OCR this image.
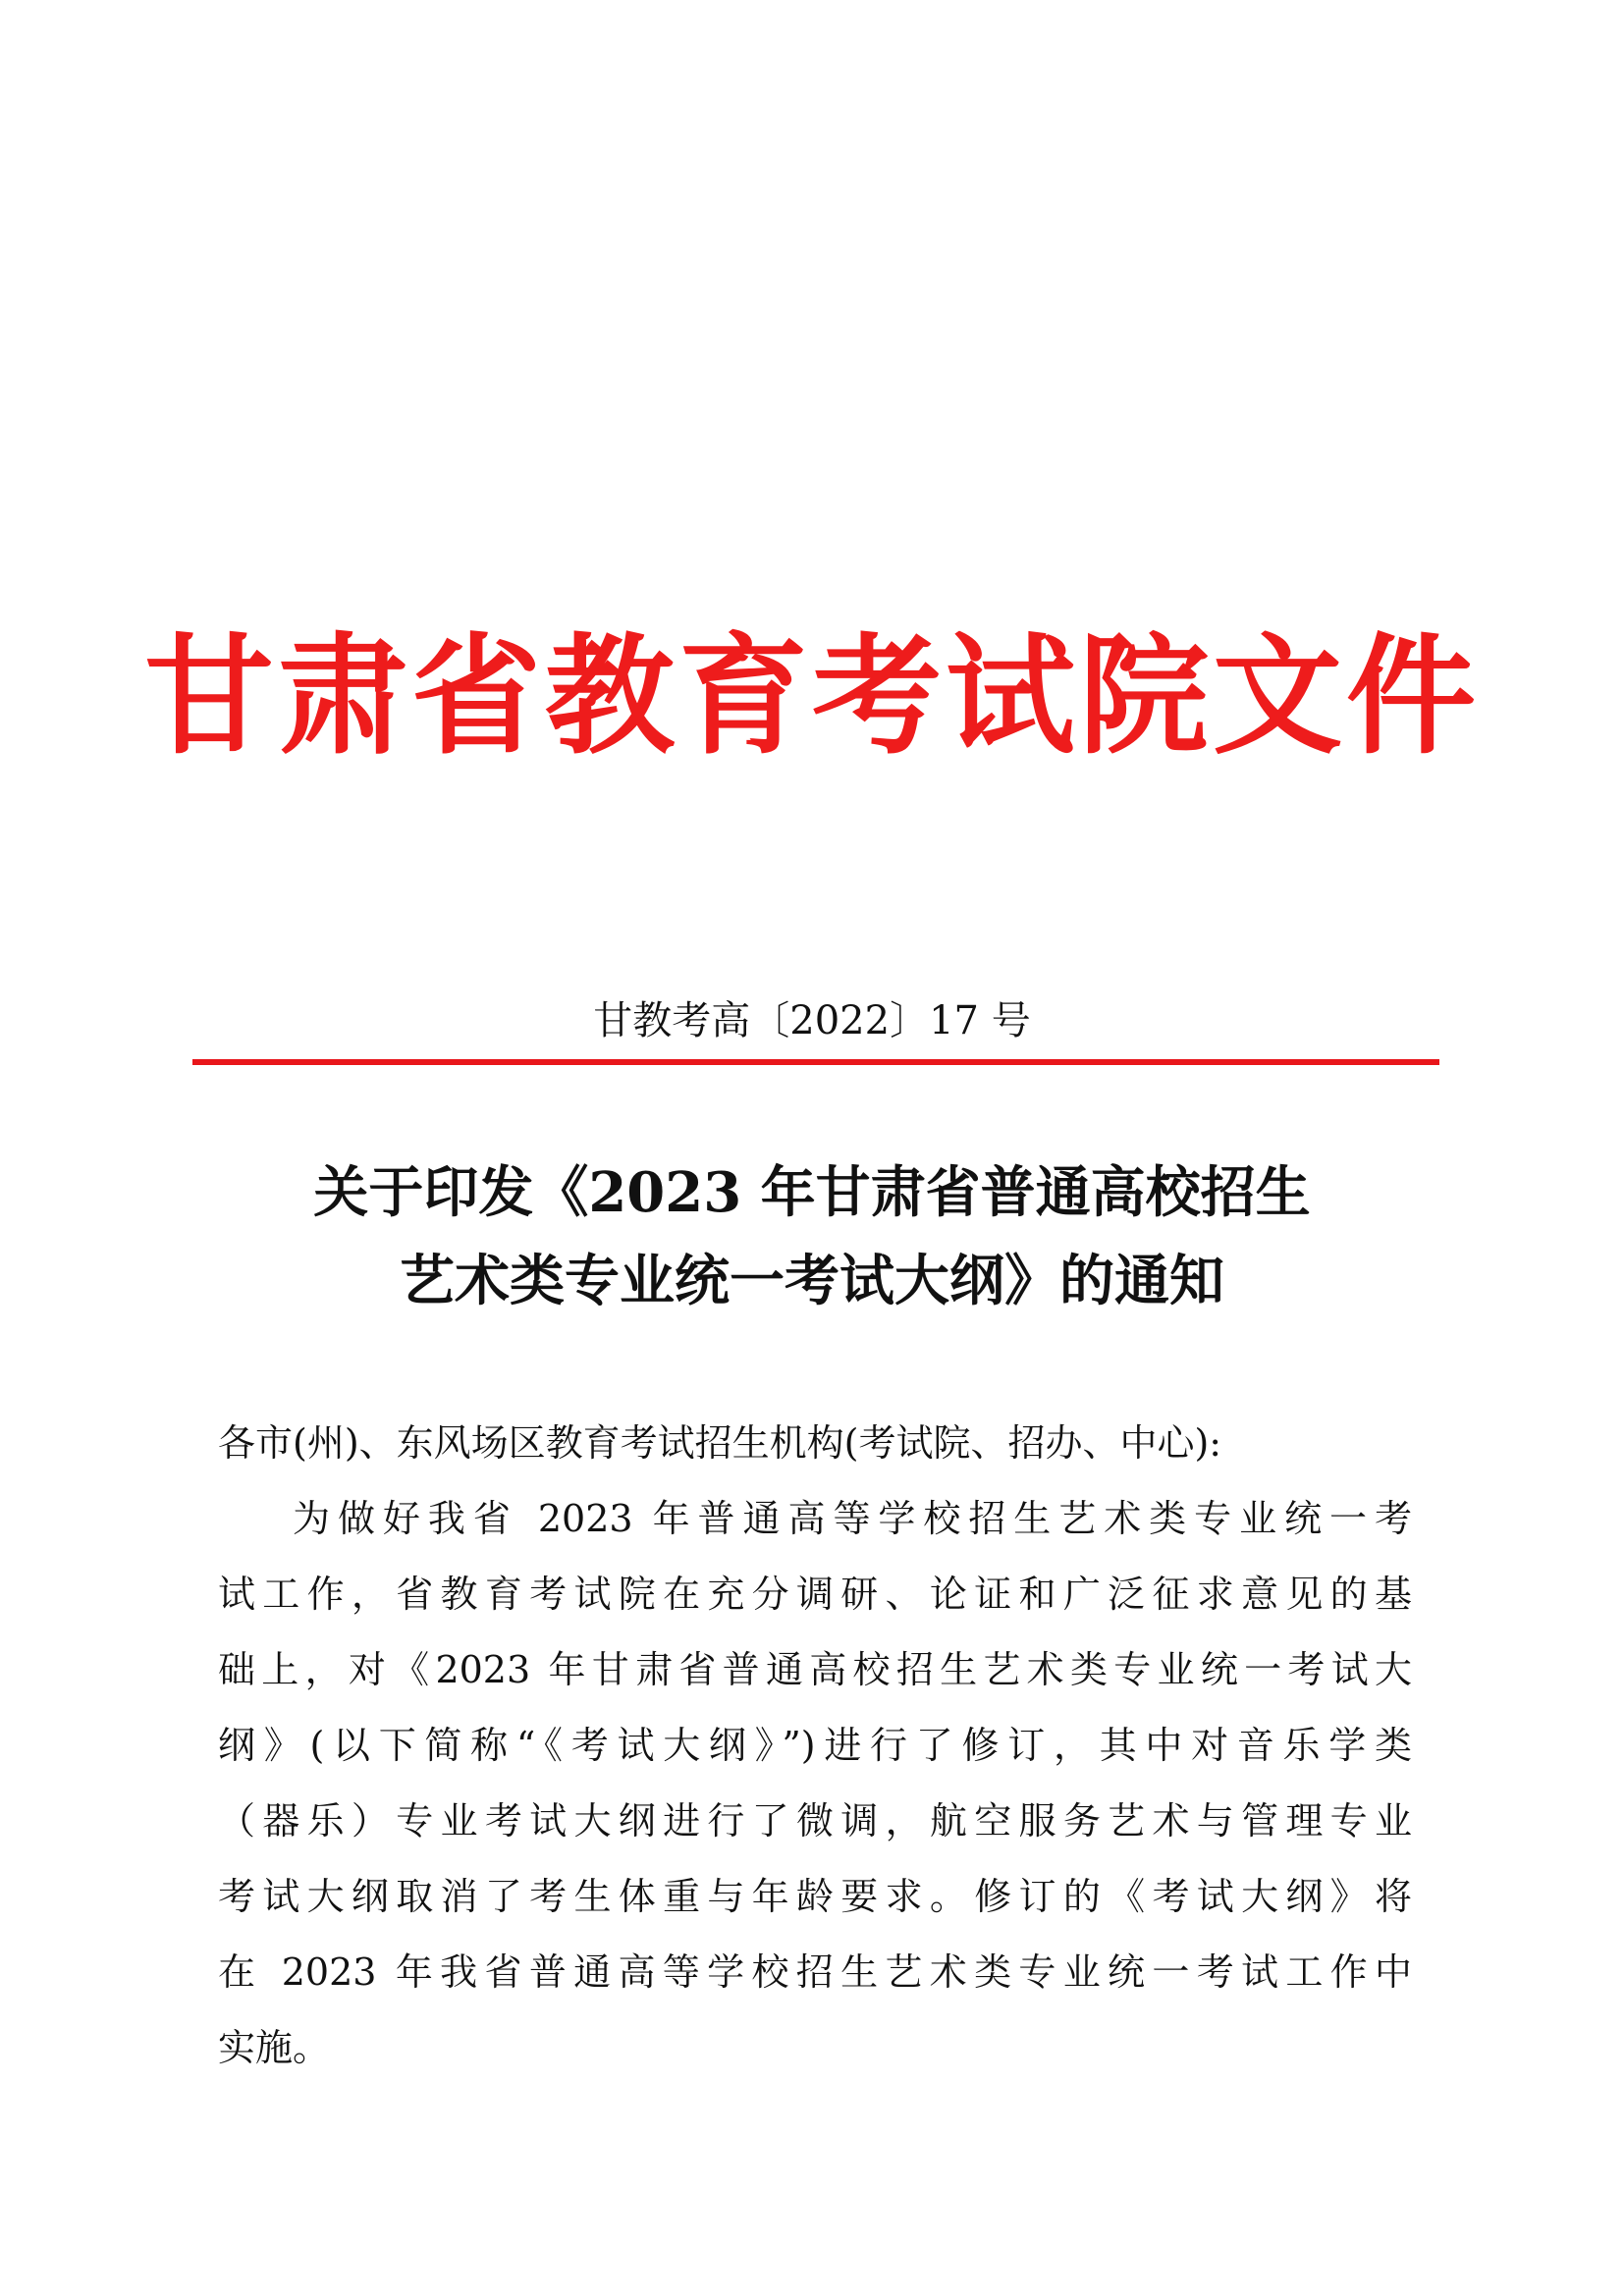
甘肃省教育考试院文件
甘教考高〔2022〕17 号
关于印发《2023 年甘肃省普通高校招生
艺术类专业统一考试大纲》的通知
各市(州)、东风场区教育考试招生机构(考试院、招办、中心):
为做好我省 2023 年普通高等学校招生艺术类专业统一考
试工作，省教育考试院在充分调研、论证和广泛征求意见的基
础上，对《2023 年甘肃省普通高校招生艺术类专业统一考试大
纲》(以下简称“《考试大纲》”)进行了修订，其中对音乐学类
（器乐）专业考试大纲进行了微调，航空服务艺术与管理专业
考试大纲取消了考生体重与年龄要求。修订的《考试大纲》将
在 2023 年我省普通高等学校招生艺术类专业统一考试工作中
实施。
